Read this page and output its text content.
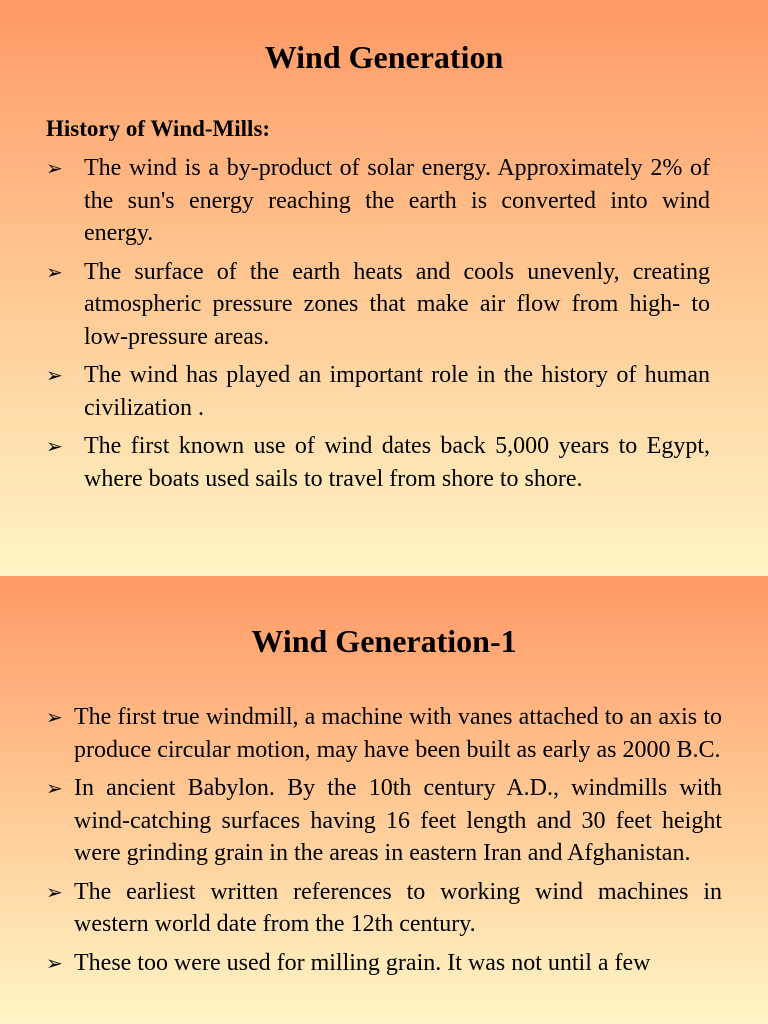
Wind Generation
History of Wind-Mills:
➢ The wind is a by-product of solar energy. Approximately 2% of the sun's energy reaching the earth is converted into wind energy.
➢ The surface of the earth heats and cools unevenly, creating atmospheric pressure zones that make air flow from high- to low-pressure areas.
➢ The wind has played an important role in the history of human civilization .
➢ The first known use of wind dates back 5,000 years to Egypt, where boats used sails to travel from shore to shore.
Wind Generation-1
➢ The first true windmill, a machine with vanes attached to an axis to produce circular motion, may have been built as early as 2000 B.C.
➢ In ancient Babylon. By the 10th century A.D., windmills with wind-catching surfaces having 16 feet length and 30 feet height were grinding grain in the areas in eastern Iran and Afghanistan.
➢ The earliest written references to working wind machines in western world date from the 12th century.
➢ These too were used for milling grain. It was not until a few
